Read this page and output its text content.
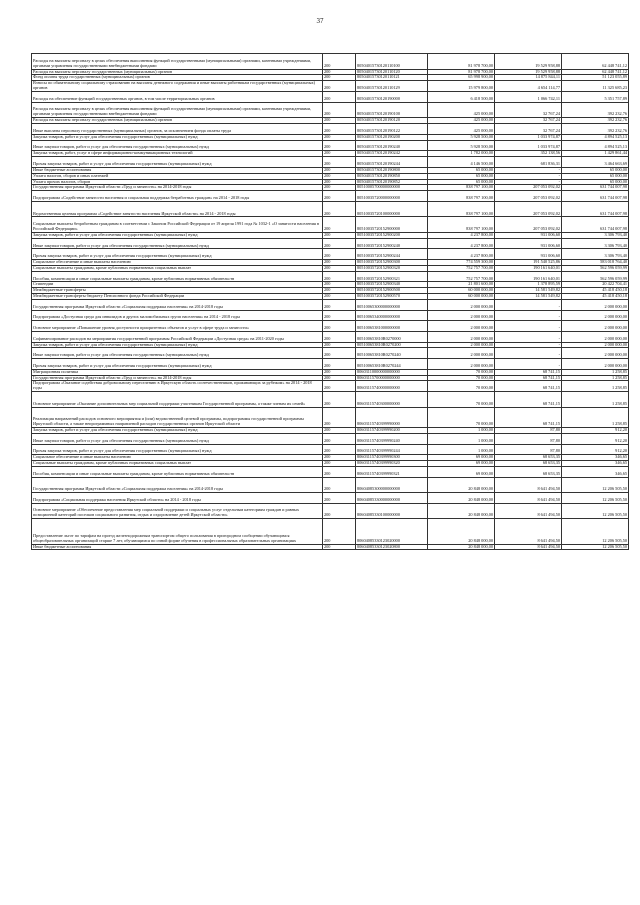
37
Расходы на выплаты персоналу в целях обеспечения выполнения функций государственными (муниципальными) органами, казенными учреждениями, органами управления государственными внебюджетными фондами	200	80504015730120110100	81 978 700,00	19 529 958,88	62 448 741,12
Расходы на выплаты персоналу государственных (муниципальных) органов	200	80504015730120110120	81 978 700,00	19 529 958,88	62 448 741,12
Фонд оплаты труда государственных (муниципальных) органов	200	80504015730120110121	65 998 900,00	14 875 844,11	51 123 055,89
Взносы по обязательному социальному страхованию на выплаты денежного содержания и иные выплаты работникам государственных (муниципальных) органов	200	80504015730120110129	15 979 800,00	4 654 114,77	11 325 685,23
Расходы на обеспечение функций государственных органов, в том числе территориальных органов	200	80504015730120190000	6 418 500,00	1 066 742,11	5 351 757,89
Расходы на выплаты персоналу в целях обеспечения выполнения функций государственными (муниципальными) органами, казенными учреждениями, органами управления государственными внебюджетными фондами	200	80504015730120190100	425 000,00	32 767,24	392 232,76
Расходы на выплаты персоналу государственных (муниципальных) органов	200	80504015730120190120	425 000,00	32 767,24	392 232,76
Иные выплаты персоналу государственных (муниципальных) органов, за исключением фонда оплаты труда	200	80504015730120190122	425 000,00	32 767,24	392 232,76
Закупка товаров, работ и услуг для обеспечения государственных (муниципальных) нужд	200	80504015730120190200	5 928 500,00	1 033 974,87	4 894 525,13
Иные закупки товаров, работ и услуг для обеспечения государственных (муниципальных) нужд	200	80504015730120190240	5 928 500,00	1 033 974,87	4 894 525,13
Закупка товаров, работ, услуг в сфере информационно-коммуникационных технологий	200	80504015730120190242	1 782 000,00	352 138,56	1 429 861,44
Прочая закупка товаров, работ и услуг для обеспечения государственных (муниципальных) нужд	200	80504015730120190244	4 146 500,00	681 836,31	3 464 663,69
Иные бюджетные ассигнования	200	80504015730120190800	65 000,00	-	65 000,00
Уплата налогов, сборов и иных платежей	200	80504015730120190850	65 000,00	-	65 000,00
Уплата прочих налогов, сборов	200	80504015730120190852	65 000,00	-	65 000,00
Государственная программа Иркутской области «Труд и занятость» на 2014-2018 годы	200	80510005700000000000	838 797 100,00	207 053 092,02	631 744 007,98
Подпрограмма «Содействие занятости населения и социальная поддержка безработных граждан» на 2014 - 2018 годы	200	80510035720000000000	838 797 100,00	207 053 092,02	631 744 007,98
Ведомственная целевая программа «Содействие занятости населения Иркутской области» на 2014 - 2018 годы	200	80510035720100000000	838 797 100,00	207 053 092,02	631 744 007,98
Социальные выплаты безработным гражданам в соответствии с Законом Российской Федерации от 19 апреля 1991 года № 1032-1 «О занятости населения в Российской Федерации»	200	80510035720152900000	838 797 100,00	207 053 092,02	631 744 007,98
Закупка товаров, работ и услуг для обеспечения государственных (муниципальных) нужд	200	80510035720152900200	4 237 800,00	931 006,60	3 306 793,40
Иные закупки товаров, работ и услуг для обеспечения государственных (муниципальных) нужд	200	80510035720152900240	4 237 800,00	931 006,60	3 306 793,40
Прочая закупка товаров, работ и услуг для обеспечения государственных (муниципальных) нужд	200	80510035720152900244	4 237 800,00	931 006,60	3 306 793,40
Социальное обеспечение и иные выплаты населению	200	80510035720152900300	774 559 300,00	191 540 525,86	583 018 764,40
Социальные выплаты гражданам, кроме публичных нормативных социальных выплат	200	80510035720152900320	752 757 700,00	190 161 640,01	562 596 059,99
Пособия, компенсации и иные социальные выплаты гражданам, кроме публичных нормативных обязательств	200	80510035720152900321	752 757 700,00	190 161 640,01	562 596 059,99
Стипендии	200	80510035720152900340	21 801 600,00	1 378 895,59	20 422 704,41
Межбюджетные трансферты	200	80510035720152900500	60 000 000,00	14 581 549,82	45 418 450,18
Межбюджетные трансферты бюджету Пенсионного фонда Российской Федерации	200	80510035720152900570	60 000 000,00	14 581 549,82	45 418 450,18
Государственная программа Иркутской области «Социальная поддержка населения» на 2014-2018 годы	200	80510065300000000000	2 000 000,00	-	2 000 000,00
Подпрограмма «Доступная среда для инвалидов и других маломобильных групп населения» на 2014 - 2018 годы	200	80510065340000000000	2 000 000,00	-	2 000 000,00
Основное мероприятие «Повышение уровня доступности приоритетных объектов и услуг в сфере труда и занятости»	200	80510065381000000000	2 000 000,00	-	2 000 000,00
Софинансирование расходов на мероприятия государственной программы Российской Федерации «Доступная среда» на 2011-2020 годы	200	805100653810R0270000	2 000 000,00	-	2 000 000,00
Закупка товаров, работ и услуг для обеспечения государственных (муниципальных) нужд	200	805100653810R0270200	2 000 000,00	-	2 000 000,00
Иные закупки товаров, работ и услуг для обеспечения государственных (муниципальных) нужд	200	805100653810R0270240	2 000 000,00	-	2 000 000,00
Прочая закупка товаров, работ и услуг для обеспечения государственных (муниципальных) нужд	200	805100653810R0270244	2 000 000,00	-	2 000 000,00
Миграционная политика	200	80603110000000000000	70 000,00	68 741,15	1 258,85
Государственная программа Иркутской области «Труд и занятость» на 2014-2018 годы	200	80603115700000000000	70 000,00	68 741,15	1 258,85
Подпрограмма «Оказание содействия добровольному переселению в Иркутскую область соотечественников, проживающих за рубежом» на 2014 - 2018 годы	200	80603115740000000000	70 000,00	68 741,15	1 258,85
Основное мероприятие «Оказание дополнительных мер социальной поддержки участникам Государственной программы, а также членам их семей»	200	80603115740300000000	70 000,00	68 741,15	1 258,85
Реализация направлений расходов основного мероприятия и (или) ведомственной целевой программы, подпрограммы государственной программы Иркутской области, а также непрограммных направлений расходов государственных органов Иркутской области	200	80603115740399990000	70 000,00	68 741,15	1 258,85
Закупка товаров, работ и услуг для обеспечения государственных (муниципальных) нужд	200	80603115740399990200	1 000,00	87,80	912,20
Иные закупки товаров, работ и услуг для обеспечения государственных (муниципальных) нужд	200	80603115740399990240	1 000,00	87,80	912,20
Прочая закупка товаров, работ и услуг для обеспечения государственных (муниципальных) нужд	200	80603115740399990244	1 000,00	87,80	912,20
Социальное обеспечение и иные выплаты населению	200	80603115740399990300	69 000,00	68 653,35	346,65
Социальные выплаты гражданам, кроме публичных нормативных социальных выплат	200	80603115740399990320	69 000,00	68 653,35	346,65
Пособия, компенсации и иные социальные выплаты гражданам, кроме публичных нормативных обязательств	200	80603115740399990321	69 000,00	68 653,35	346,65
Государственная программа Иркутской области «Социальная поддержка населения» на 2014-2018 годы	200	80604085300000000000	20 848 000,00	8 641 494,50	12 206 505,50
Подпрограмма «Социальная поддержка населения Иркутской области» на 2014 - 2018 годы	200	80604085330000000000	20 848 000,00	8 641 494,50	12 206 505,50
Основное мероприятие «Обеспечение предоставления мер социальной поддержки и социальных услуг отдельным категориям граждан и равных позиционной категорий поселков социального развития, отдых и оздоровление детей Иркутской области»	200	80604085330100000000	20 848 000,00	8 641 494,50	12 206 505,50
Предоставление льгот по тарифам на проезд железнодорожным транспортом общего пользования в пригородном сообщении обучающимся общеобразовательных организаций старше 7 лет, обучающимся по очной форме обучения в профессиональных образовательных организациях	200	80604085330123020000	20 848 000,00	8 641 494,50	12 206 505,50
Иные бюджетные ассигнования	200	80604085330123020800	20 848 000,00	8 641 494,50	12 206 505,50
